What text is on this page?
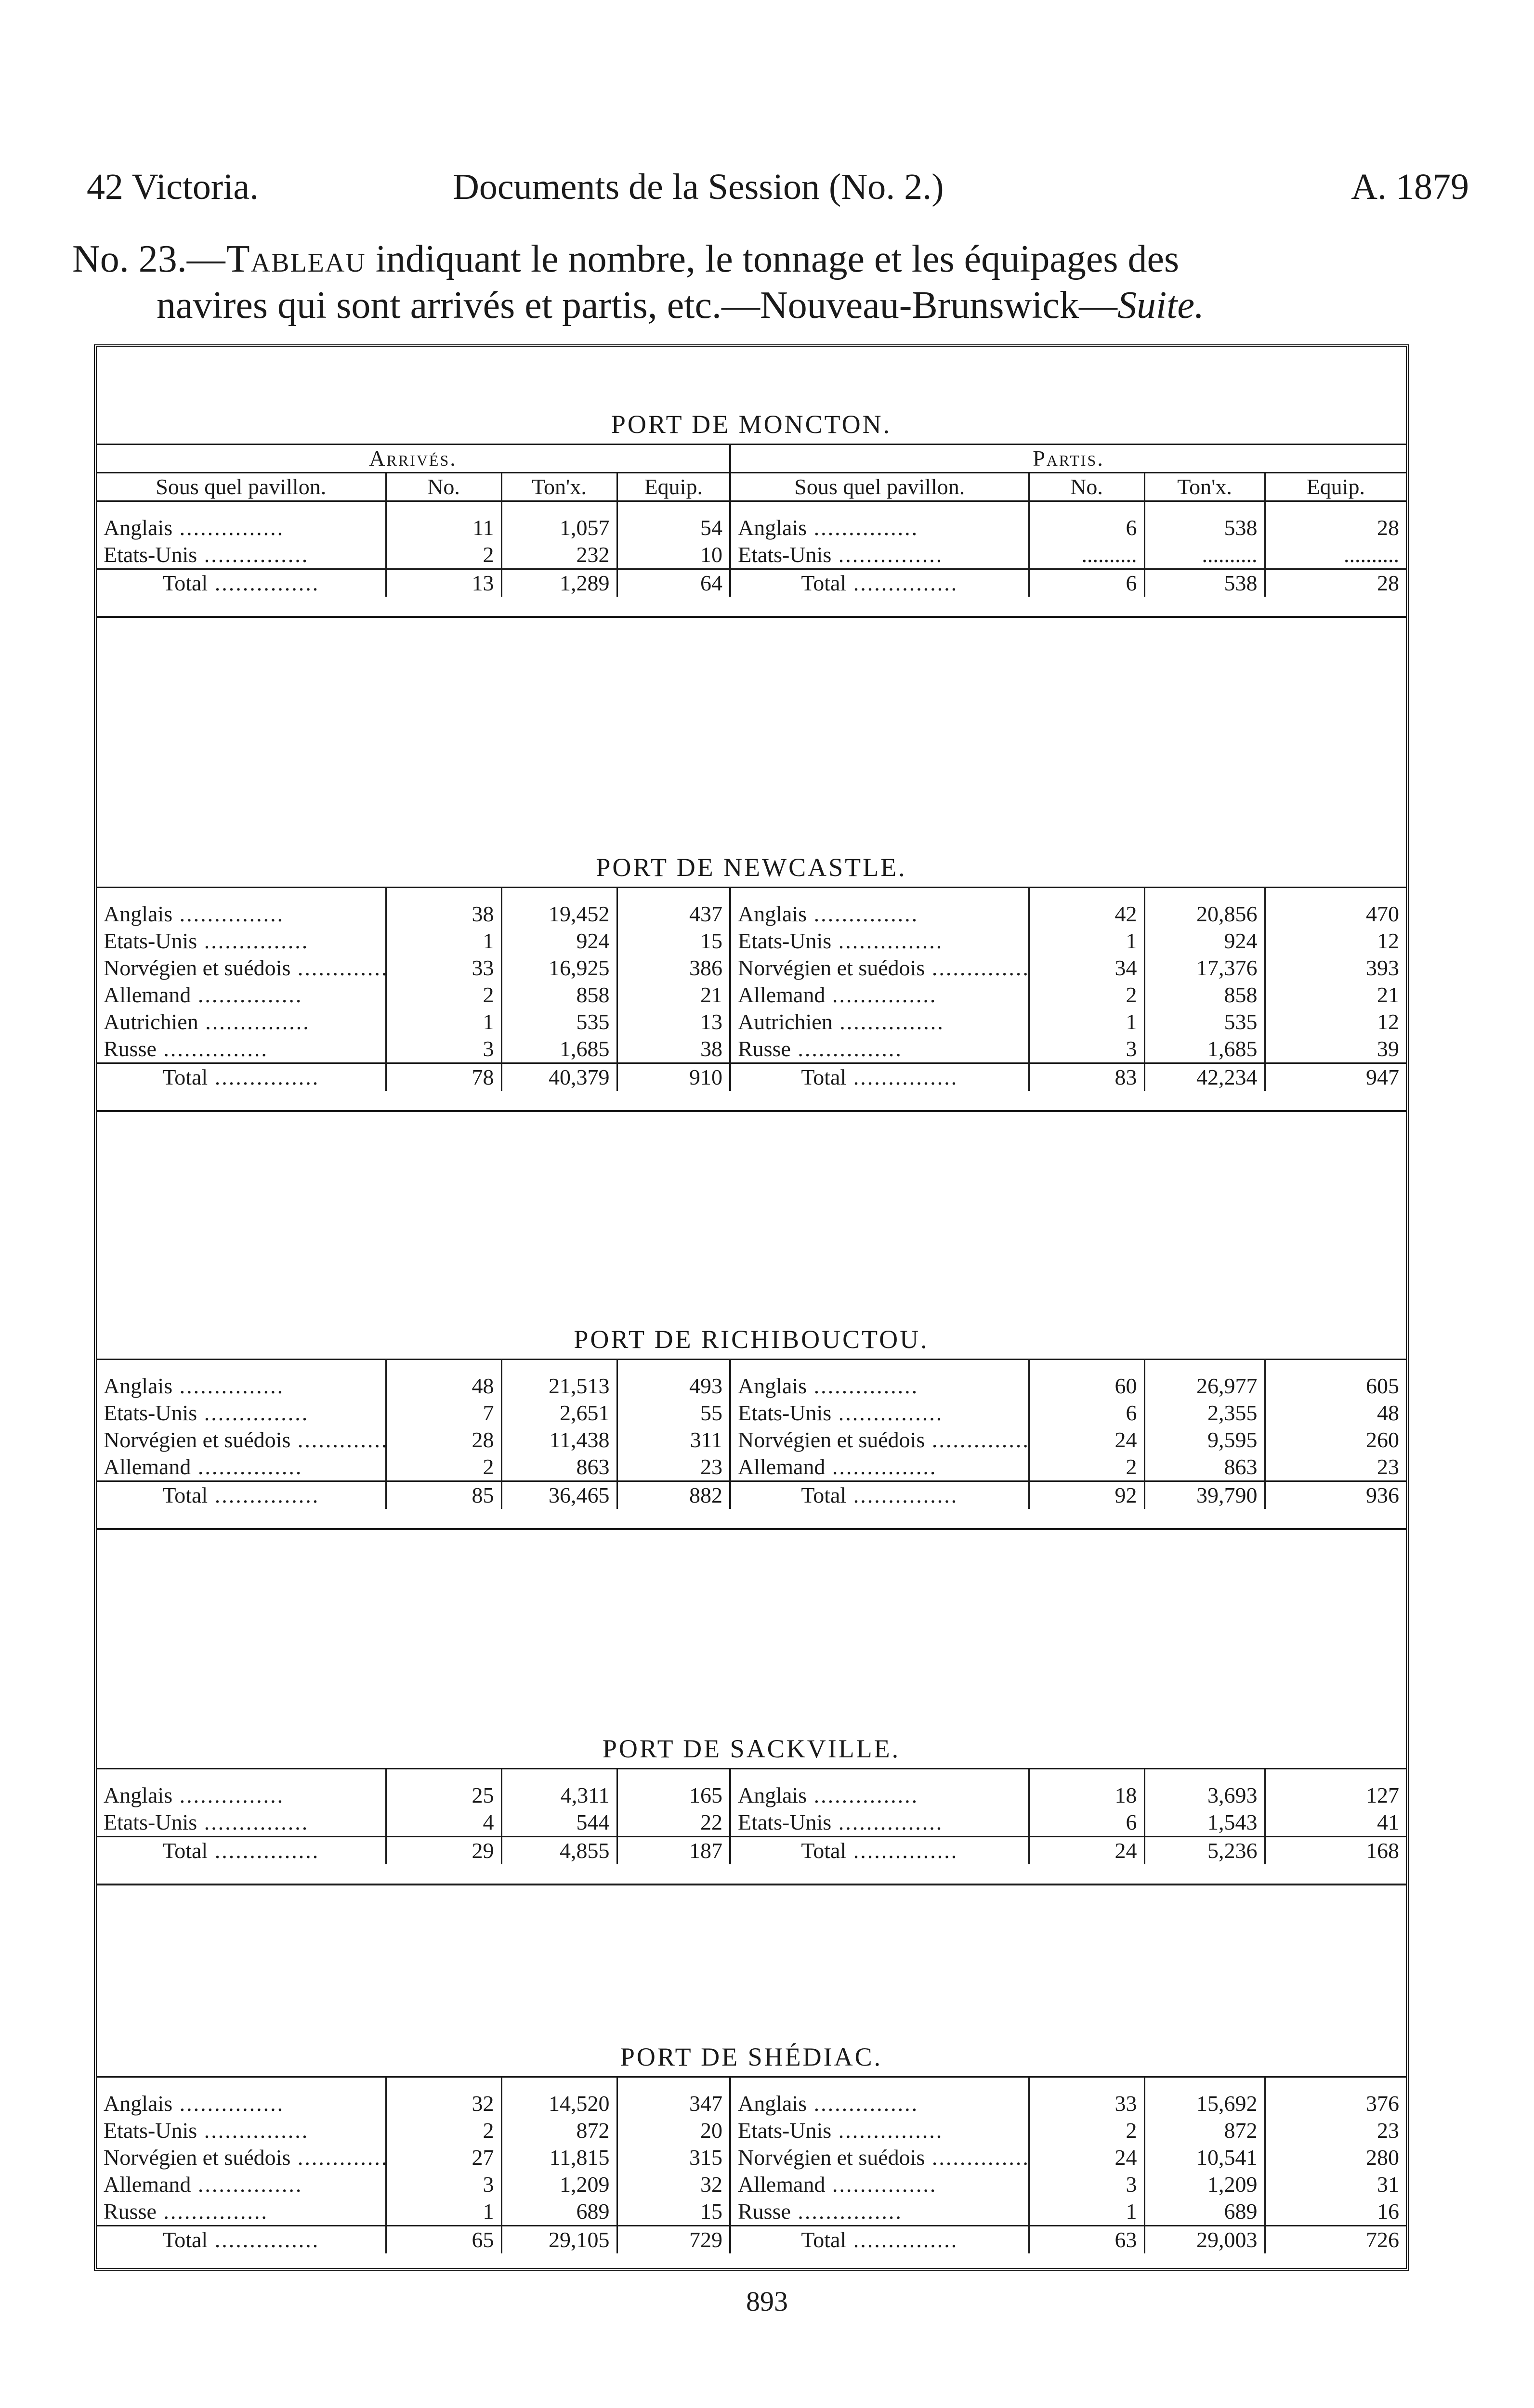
42 Victoria.	Documents de la Session (No. 2.)	A. 1879
No. 23.—Tableau indiquant le nombre, le tonnage et les équipages des
navires qui sont arrivés et partis, etc.—Nouveau-Brunswick—Suite.
PORT DE MONCTON.
Arrivés.				Partis.			
Sous quel pavillon.	No.	Ton'x.	Equip.	Sous quel pavillon.	No.	Ton'x.	Equip.

Anglais .....	11	1,057	54	Anglais .....	6	538	28
Etats-Unis .....	2	232	10	Etats-Unis .....	..........	..........	..........
Total .....	13	1,289	64	Total .....	6	538	28
PORT DE NEWCASTLE.

Anglais .....	38	19,452	437	Anglais .....	42	20,856	470
Etats-Unis .....	1	924	15	Etats-Unis .....	1	924	12
Norvégien et suédois .....	33	16,925	386	Norvégien et suédois .....	34	17,376	393
Allemand .....	2	858	21	Allemand .....	2	858	21
Autrichien .....	1	535	13	Autrichien .....	1	535	12
Russe .....	3	1,685	38	Russe .....	3	1,685	39
Total .....	78	40,379	910	Total .....	83	42,234	947
PORT DE RICHIBOUCTOU.

Anglais .....	48	21,513	493	Anglais .....	60	26,977	605
Etats-Unis .....	7	2,651	55	Etats-Unis .....	6	2,355	48
Norvégien et suédois .....	28	11,438	311	Norvégien et suédois .....	24	9,595	260
Allemand .....	2	863	23	Allemand .....	2	863	23
Total .....	85	36,465	882	Total .....	92	39,790	936
PORT DE SACKVILLE.

Anglais .....	25	4,311	165	Anglais .....	18	3,693	127
Etats-Unis .....	4	544	22	Etats-Unis .....	6	1,543	41
Total .....	29	4,855	187	Total .....	24	5,236	168
PORT DE SHÉDIAC.

Anglais .....	32	14,520	347	Anglais .....	33	15,692	376
Etats-Unis .....	2	872	20	Etats-Unis .....	2	872	23
Norvégien et suédois .....	27	11,815	315	Norvégien et suédois .....	24	10,541	280
Allemand .....	3	1,209	32	Allemand .....	3	1,209	31
Russe .....	1	689	15	Russe .....	1	689	16
Total .....	65	29,105	729	Total .....	63	29,003	726
893
